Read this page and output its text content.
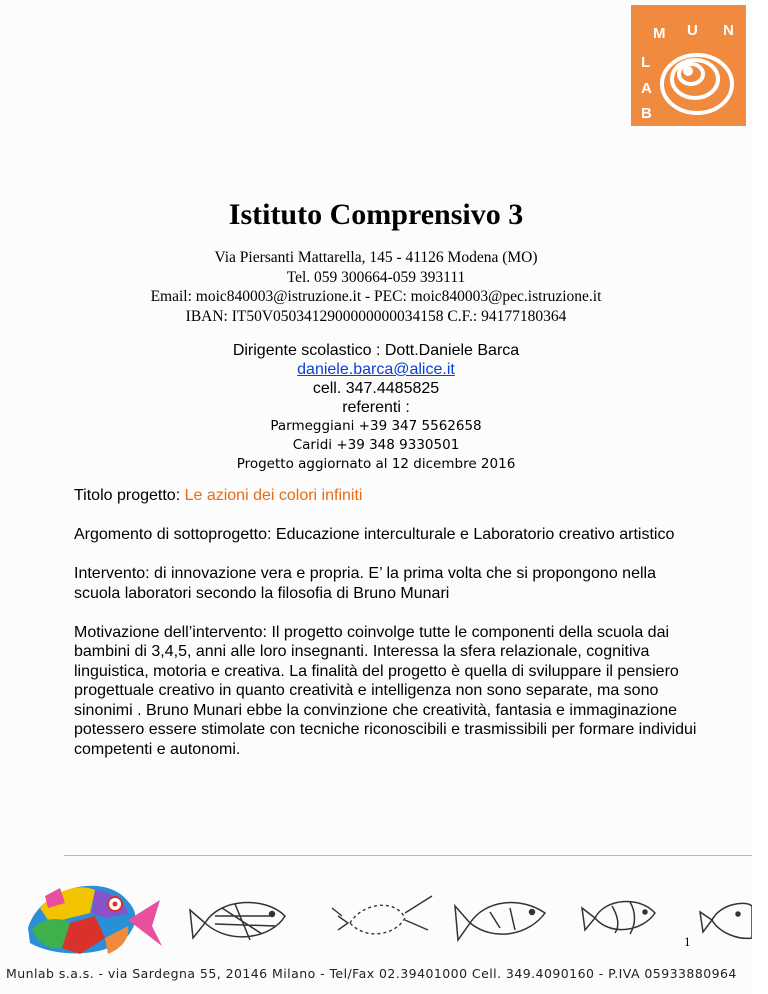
M U N
L
A
B
Istituto Comprensivo 3
Via Piersanti Mattarella, 145 - 41126 Modena (MO)
Tel. 059 300664-059 393111
Email: moic840003@istruzione.it - PEC: moic840003@pec.istruzione.it
IBAN: IT50V0503412900000000034158 C.F.: 94177180364
Dirigente scolastico : Dott.Daniele Barca
daniele.barca@alice.it
cell. 347.4485825
referenti :
Parmeggiani +39 347 5562658
Caridi +39 348 9330501
Progetto aggiornato al 12 dicembre 2016

Titolo progetto: Le azioni dei colori infiniti

Argomento di sottoprogetto: Educazione interculturale e Laboratorio creativo artistico

Intervento: di innovazione vera e propria. E’ la prima volta che si propongono nella scuola laboratori secondo la filosofia di Bruno Munari

Motivazione dell’intervento: Il progetto coinvolge tutte le componenti della scuola dai bambini di 3,4,5, anni alle loro insegnanti. Interessa la sfera relazionale, cognitiva linguistica, motoria e creativa. La finalità del progetto è quella di sviluppare il pensiero progettuale creativo in quanto creatività e intelligenza non sono separate, ma sono sinonimi . Bruno Munari ebbe la convinzione che creatività, fantasia e immaginazione potessero essere stimolate con tecniche riconoscibili e trasmissibili per formare individui competenti e autonomi.

1
Munlab s.a.s. - via Sardegna 55, 20146 Milano - Tel/Fax 02.39401000 Cell. 349.4090160 - P.IVA 05933880964
